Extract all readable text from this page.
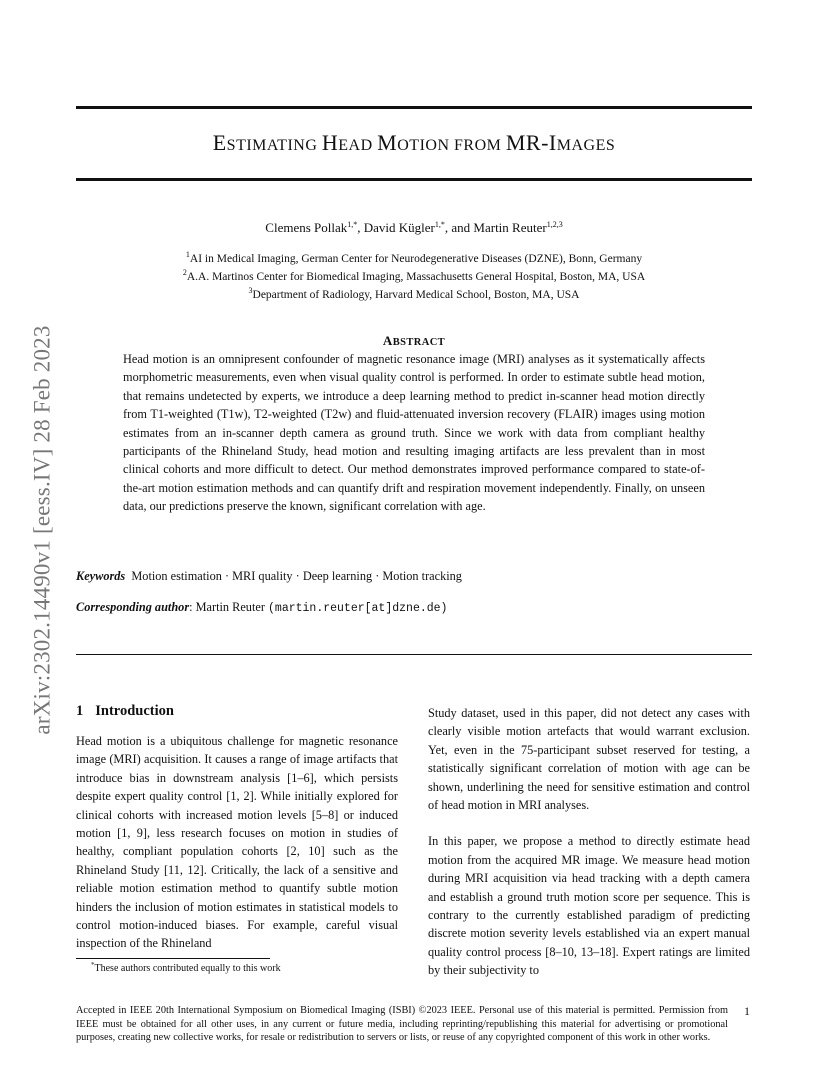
arXiv:2302.14490v1 [eess.IV] 28 Feb 2023
ESTIMATING HEAD MOTION FROM MR-IMAGES
Clemens Pollak$^{1,*}$, David Kügler$^{1,*}$, and Martin Reuter$^{1,2,3}$
$^1$AI in Medical Imaging, German Center for Neurodegenerative Diseases (DZNE), Bonn, Germany
$^2$A.A. Martinos Center for Biomedical Imaging, Massachusetts General Hospital, Boston, MA, USA
$^3$Department of Radiology, Harvard Medical School, Boston, MA, USA
ABSTRACT
Head motion is an omnipresent confounder of magnetic resonance image (MRI) analyses as it systematically affects morphometric measurements, even when visual quality control is performed. In order to estimate subtle head motion, that remains undetected by experts, we introduce a deep learning method to predict in-scanner head motion directly from T1-weighted (T1w), T2-weighted (T2w) and fluid-attenuated inversion recovery (FLAIR) images using motion estimates from an in-scanner depth camera as ground truth. Since we work with data from compliant healthy participants of the Rhineland Study, head motion and resulting imaging artifacts are less prevalent than in most clinical cohorts and more difficult to detect. Our method demonstrates improved performance compared to state-of-the-art motion estimation methods and can quantify drift and respiration movement independently. Finally, on unseen data, our predictions preserve the known, significant correlation with age.
Keywords Motion estimation · MRI quality · Deep learning · Motion tracking
Corresponding author: Martin Reuter (martin.reuter[at]dzne.de)
1 Introduction

Head motion is a ubiquitous challenge for magnetic resonance image (MRI) acquisition. It causes a range of image artifacts that introduce bias in downstream analysis [1–6], which persists despite expert quality control [1, 2]. While initially explored for clinical cohorts with increased motion levels [5–8] or induced motion [1, 9], less research focuses on motion in studies of healthy, compliant population cohorts [2, 10] such as the Rhineland Study [11, 12]. Critically, the lack of a sensitive and reliable motion estimation method to quantify subtle motion hinders the inclusion of motion estimates in statistical models to control motion-induced biases. For example, careful visual inspection of the Rhineland

Study dataset, used in this paper, did not detect any cases with clearly visible motion artefacts that would warrant exclusion. Yet, even in the 75-participant subset reserved for testing, a statistically significant correlation of motion with age can be shown, underlining the need for sensitive estimation and control of head motion in MRI analyses.

In this paper, we propose a method to directly estimate head motion from the acquired MR image. We measure head motion during MRI acquisition via head tracking with a depth camera and establish a ground truth motion score per sequence. This is contrary to the currently established paradigm of predicting discrete motion severity levels established via an expert manual quality control process [8–10, 13–18]. Expert ratings are limited by their subjectivity to

*These authors contributed equally to this work
Accepted in IEEE 20th International Symposium on Biomedical Imaging (ISBI) ©2023 IEEE. Personal use of this material is permitted. Permission from IEEE must be obtained for all other uses, in any current or future media, including reprinting/republishing this material for advertising or promotional purposes, creating new collective works, for resale or redistribution to servers or lists, or reuse of any copyrighted component of this work in other works.
1
